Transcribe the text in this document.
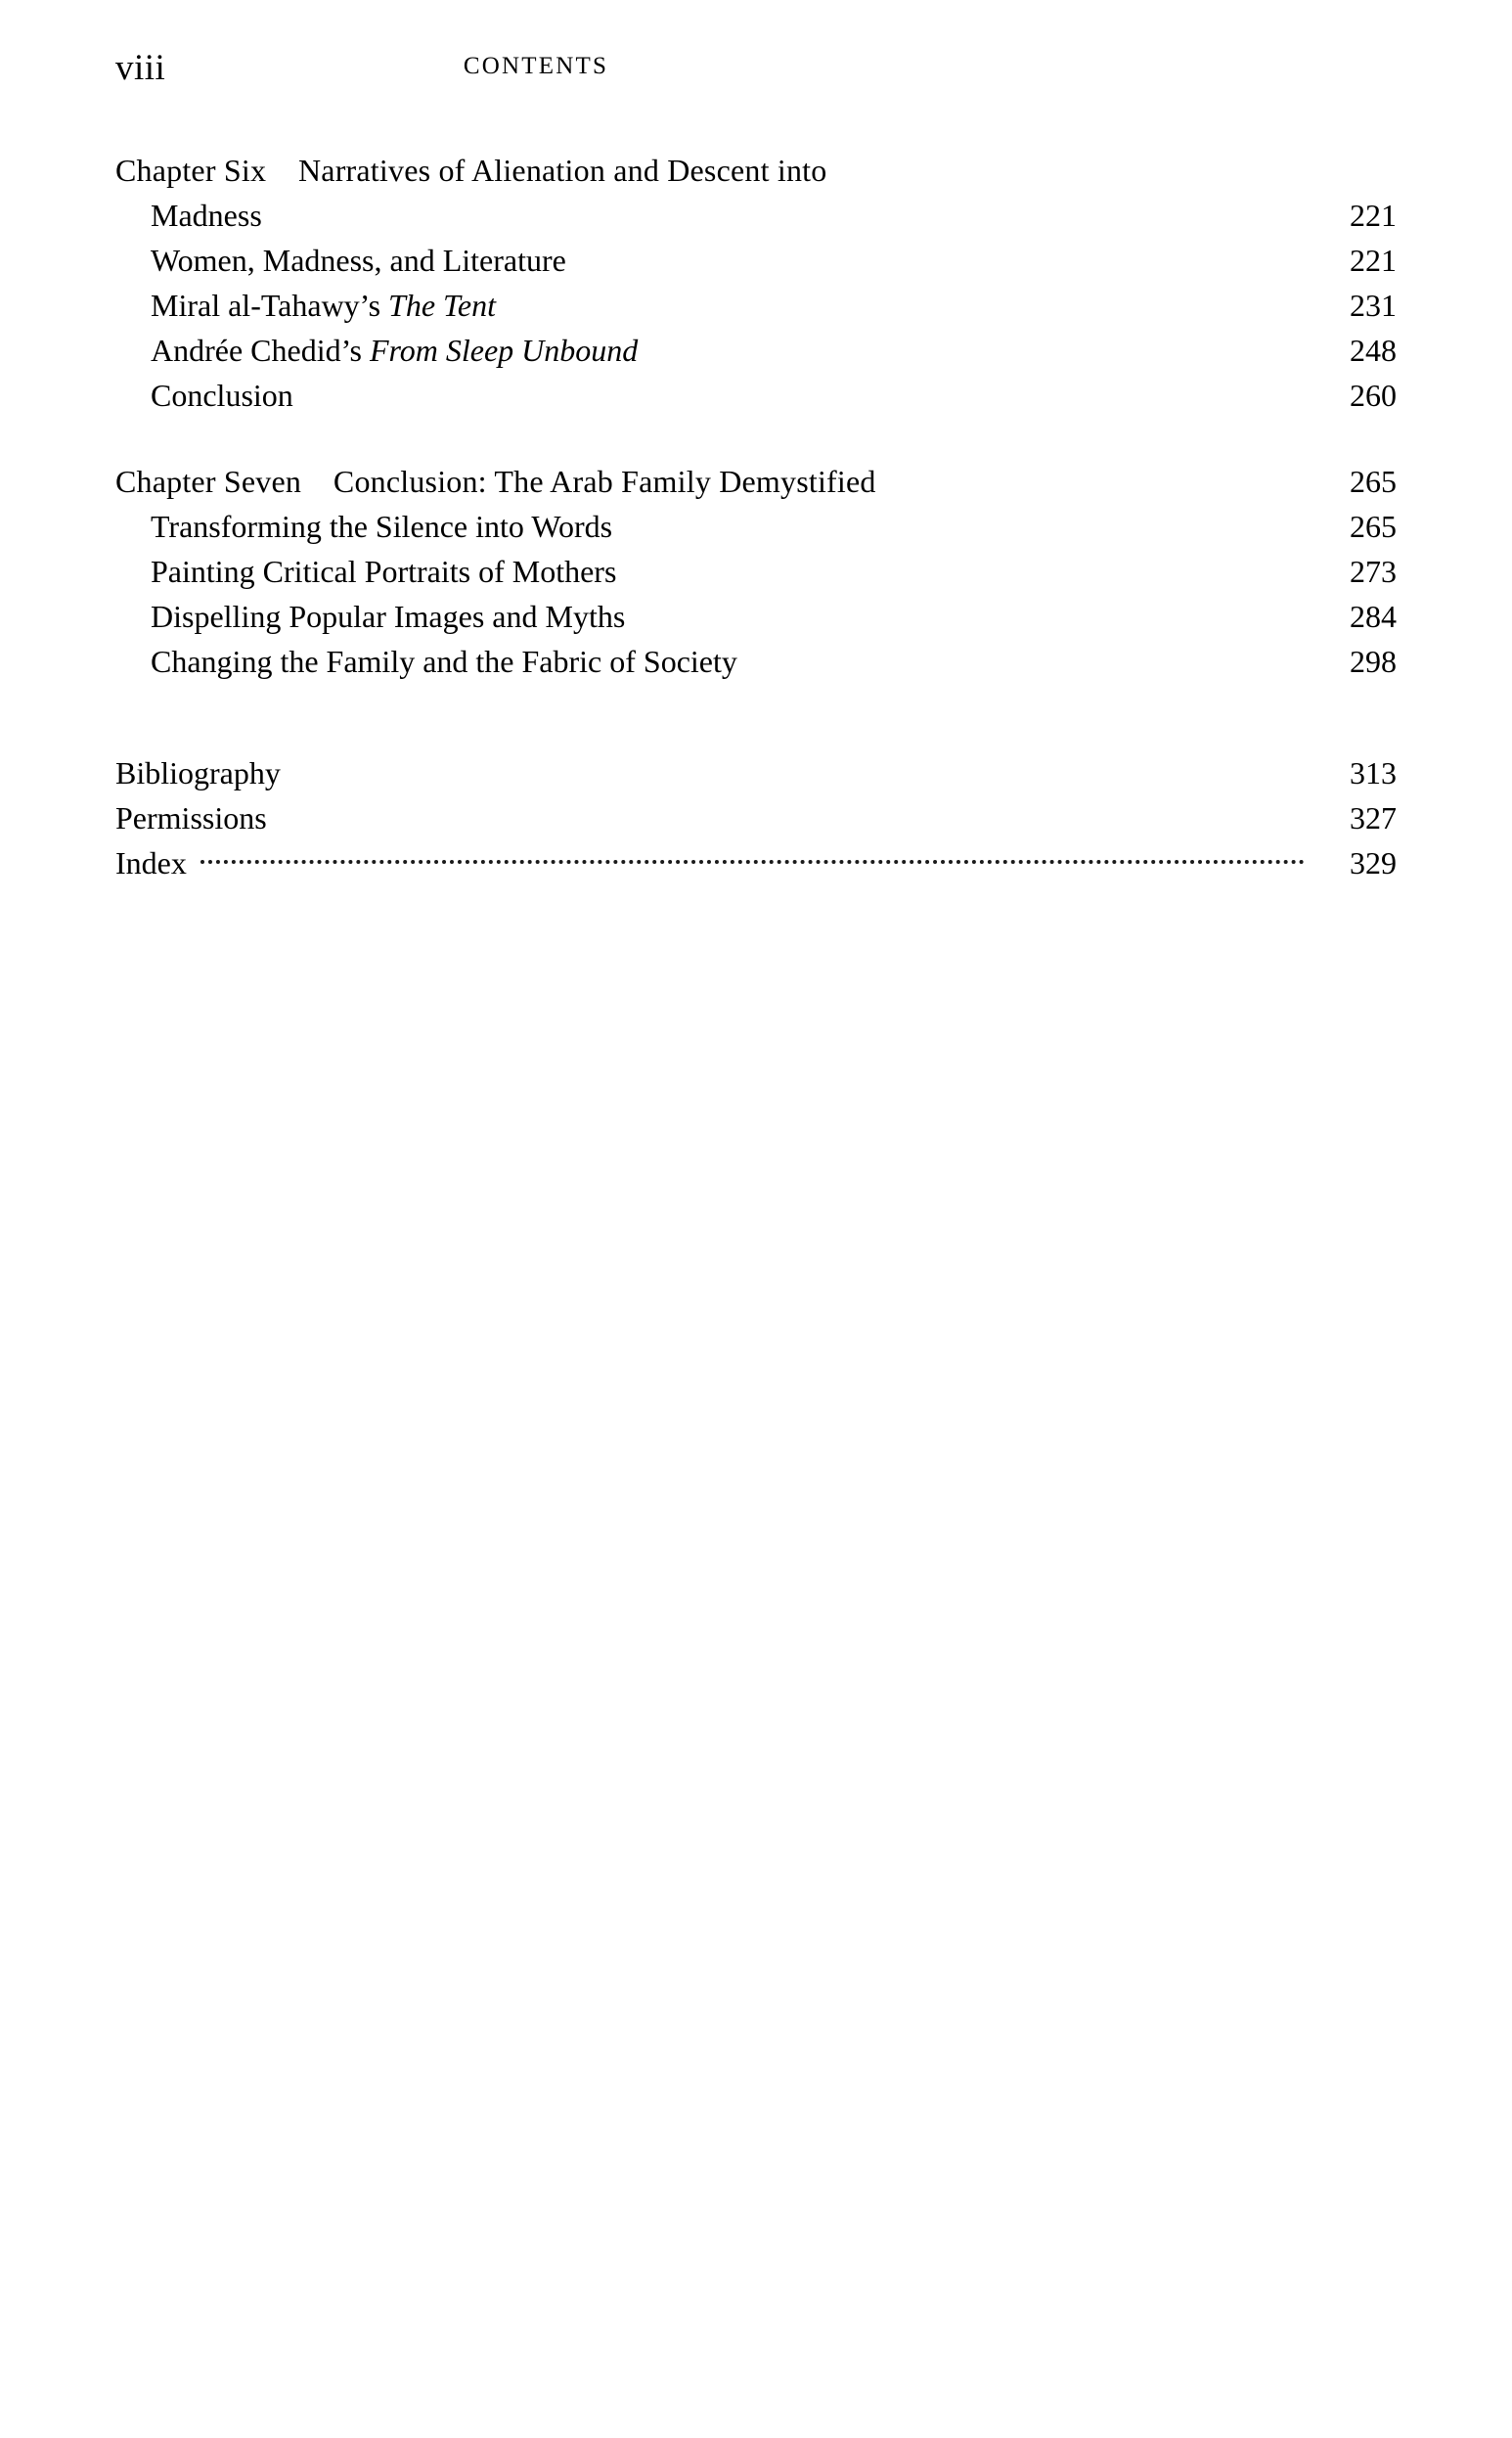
viii	CONTENTS
Chapter Six    Narratives of Alienation and Descent into
Madness	221
Women, Madness, and Literature	221
Miral al-Tahawy’s The Tent	231
Andrée Chedid’s From Sleep Unbound	248
Conclusion	260
Chapter Seven    Conclusion: The Arab Family Demystified	265
Transforming the Silence into Words	265
Painting Critical Portraits of Mothers	273
Dispelling Popular Images and Myths	284
Changing the Family and the Fabric of Society	298
Bibliography	313
Permissions	327
Index	329
